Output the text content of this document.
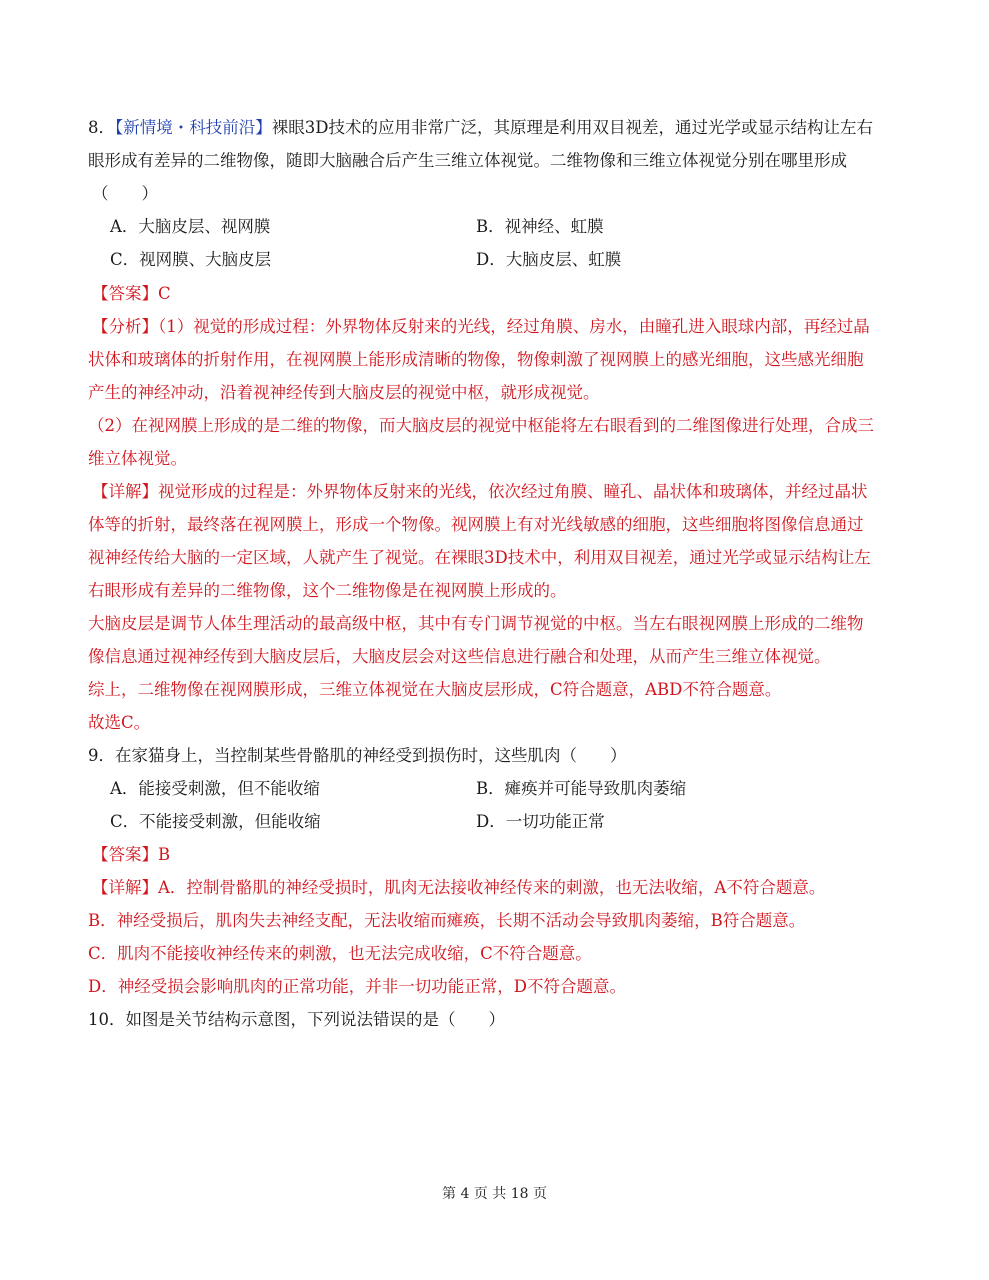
8．【新情境・科技前沿】裸眼3D技术的应用非常广泛，其原理是利用双目视差，通过光学或显示结构让左右
眼形成有差异的二维物像，随即大脑融合后产生三维立体视觉。二维物像和三维立体视觉分别在哪里形成
（　　）
A．大脑皮层、视网膜	B．视神经、虹膜
C．视网膜、大脑皮层	D．大脑皮层、虹膜
【答案】C
【分析】（1）视觉的形成过程：外界物体反射来的光线，经过角膜、房水，由瞳孔进入眼球内部，再经过晶
状体和玻璃体的折射作用，在视网膜上能形成清晰的物像，物像刺激了视网膜上的感光细胞，这些感光细胞
产生的神经冲动，沿着视神经传到大脑皮层的视觉中枢，就形成视觉。
（2）在视网膜上形成的是二维的物像，而大脑皮层的视觉中枢能将左右眼看到的二维图像进行处理，合成三
维立体视觉。
【详解】视觉形成的过程是：外界物体反射来的光线，依次经过角膜、瞳孔、晶状体和玻璃体，并经过晶状
体等的折射，最终落在视网膜上，形成一个物像。视网膜上有对光线敏感的细胞，这些细胞将图像信息通过
视神经传给大脑的一定区域，人就产生了视觉。在裸眼3D技术中，利用双目视差，通过光学或显示结构让左
右眼形成有差异的二维物像，这个二维物像是在视网膜上形成的。
大脑皮层是调节人体生理活动的最高级中枢，其中有专门调节视觉的中枢。当左右眼视网膜上形成的二维物
像信息通过视神经传到大脑皮层后，大脑皮层会对这些信息进行融合和处理，从而产生三维立体视觉。
综上，二维物像在视网膜形成，三维立体视觉在大脑皮层形成，C符合题意，ABD不符合题意。
故选C。
9．在家猫身上，当控制某些骨骼肌的神经受到损伤时，这些肌肉（　　）
A．能接受刺激，但不能收缩	B．瘫痪并可能导致肌肉萎缩
C．不能接受刺激，但能收缩	D．一切功能正常
【答案】B
【详解】A．控制骨骼肌的神经受损时，肌肉无法接收神经传来的刺激，也无法收缩，A不符合题意。
B．神经受损后，肌肉失去神经支配，无法收缩而瘫痪，长期不活动会导致肌肉萎缩，B符合题意。
C．肌肉不能接收神经传来的刺激，也无法完成收缩，C不符合题意。
D．神经受损会影响肌肉的正常功能，并非一切功能正常，D不符合题意。
10．如图是关节结构示意图，下列说法错误的是（　　）
第 4 页 共 18 页
